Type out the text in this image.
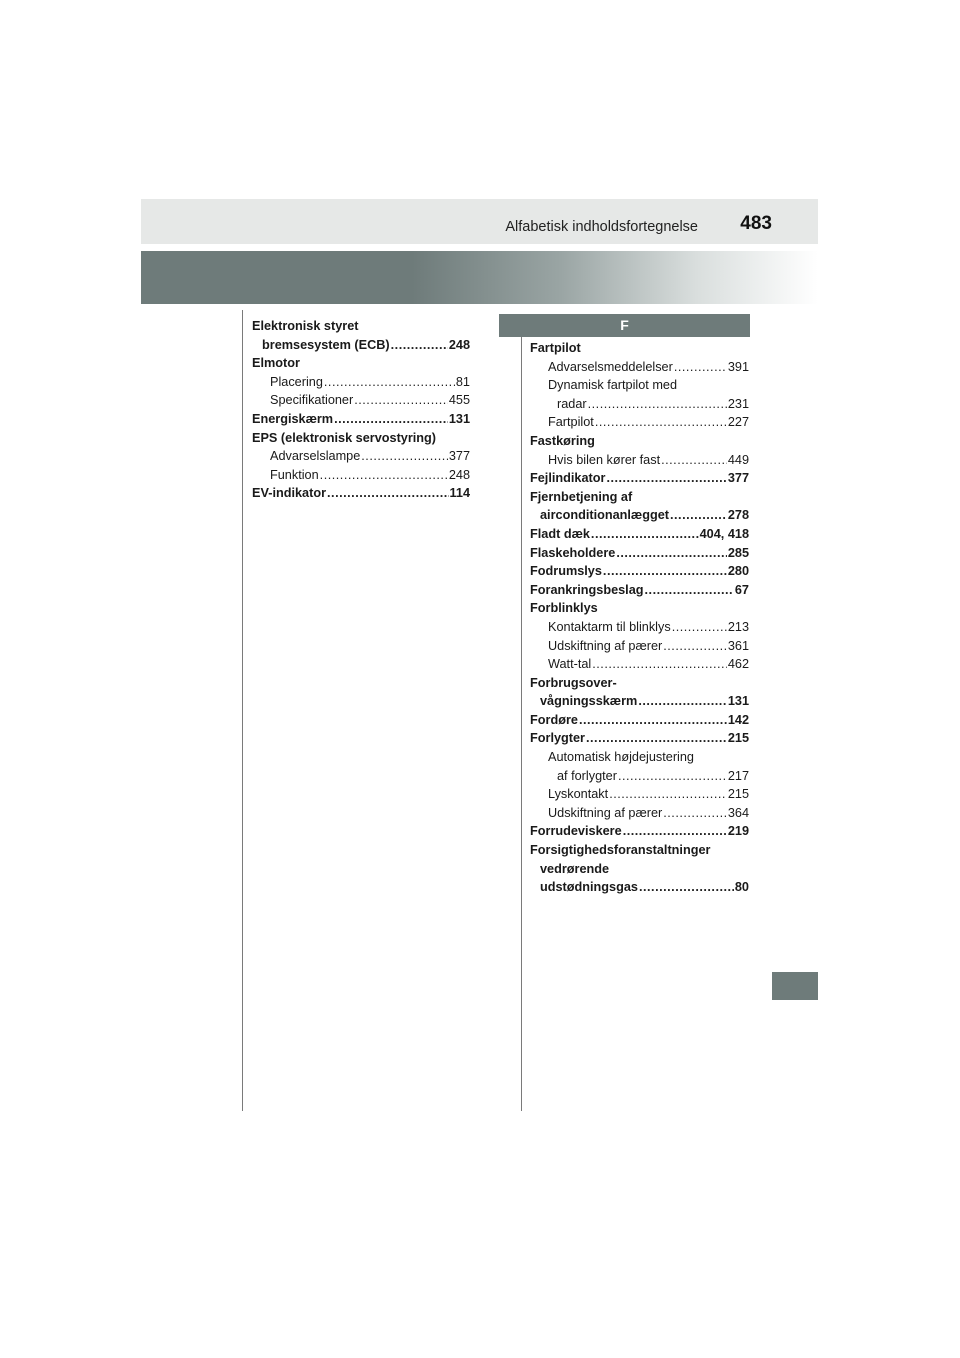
Alfabetisk indholdsfortegnelse 483
F
Elektronisk styret
bremsesystem (ECB) .....	248
Elmotor
Placering .....	81
Specifikationer .....	455
Energiskærm .....	131
EPS (elektronisk servostyring)
Advarselslampe .....	377
Funktion .....	248
EV-indikator .....	114
Fartpilot
Advarselsmeddelelser .....	391
Dynamisk fartpilot med
radar .....	231
Fartpilot .....	227
Fastkøring
Hvis bilen kører fast .....	449
Fejlindikator .....	377
Fjernbetjening af
airconditionanlægget .....	278
Fladt dæk .....	404, 418
Flaskeholdere .....	285
Fodrumslys .....	280
Forankringsbeslag .....	67
Forblinklys
Kontaktarm til blinklys .....	213
Udskiftning af pærer .....	361
Watt-tal .....	462
Forbrugsover-
vågningsskærm .....	131
Fordøre .....	142
Forlygter .....	215
Automatisk højdejustering
af forlygter .....	217
Lyskontakt .....	215
Udskiftning af pærer .....	364
Forrudeviskere .....	219
Forsigtighedsforanstaltninger
vedrørende
udstødningsgas .....	80
